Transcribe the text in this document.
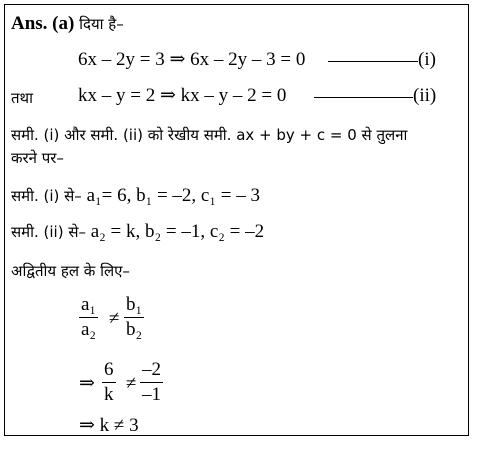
Ans. (a) दिया है–
6x – 2y = 3 ⇒ 6x – 2y – 3 = 0	(i)
तथा kx – y = 2 ⇒ kx – y – 2 = 0	(ii)
समी. (i) और समी. (ii) को रेखीय समी. ax + by + c = 0 से तुलना
करने पर–
समी. (i) से– a₁= 6, b₁ = –2, c₁ = – 3
समी. (ii) से– a₂ = k, b₂ = –1, c₂ = –2
अद्वितीय हल के लिए–
a₁
a₂
≠
b₁
b₂
⇒
6
k
≠
–2
–1
⇒ k ≠ 3
